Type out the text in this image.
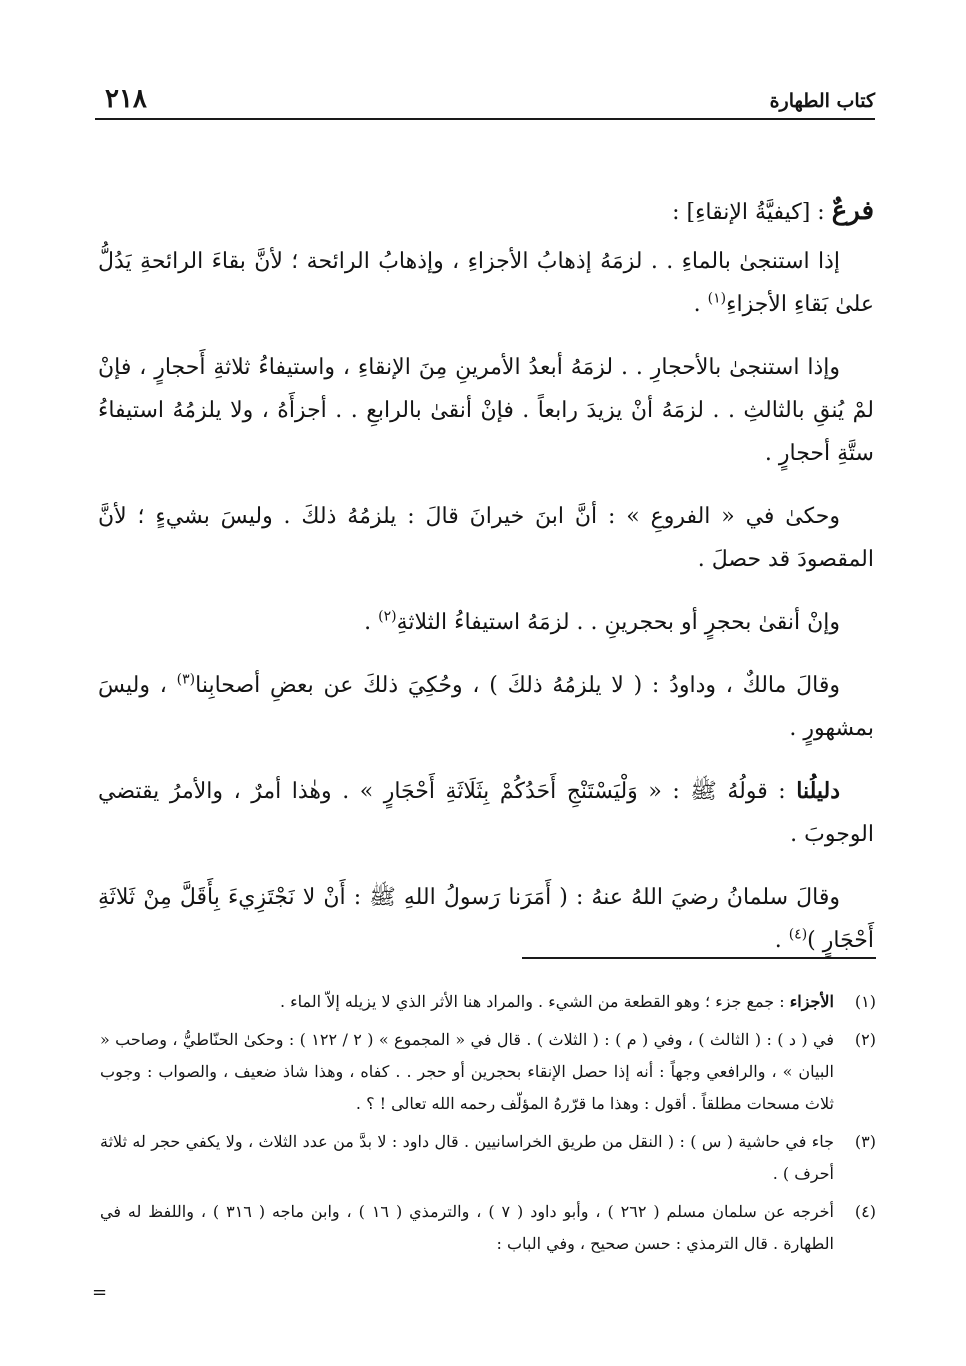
كتاب الطهارة
٢١٨

فرعٌ : [كيفيَّةُ الإنقاءِ] :

إذا استنجىٰ بالماءِ . . لزمَهُ إذهابُ الأجزاءِ ، وإذهابُ الرائحة ؛ لأنَّ بقاءَ الرائحةِ يَدُلُّ علىٰ بَقاءِ الأجزاءِ$^{(١)}$ .

وإذا استنجىٰ بالأحجارِ . . لزمَهُ أبعدُ الأمرينِ مِنَ الإنقاءِ ، واستيفاءُ ثلاثةِ أَحجارٍ ، فإنْ لمْ يُنقِ بالثالثِ . . لزمَهُ أنْ يزيدَ رابعاً . فإنْ أنقىٰ بالرابعِ . . أجزأَهُ ، ولا يلزمُهُ استيفاءُ ستَّةِ أحجارٍ .

وحكىٰ في « الفروعِ » : أنَّ ابنَ خيرانَ قالَ : يلزمُهُ ذلكَ . وليسَ بشيءٍ ؛ لأنَّ المقصودَ قد حصلَ .

وإنْ أنقىٰ بحجرٍ أو بحجرينِ . . لزمَهُ استيفاءُ الثلاثةِ$^{(٢)}$ .

وقالَ مالكٌ ، وداودُ : ( لا يلزمُهُ ذلكَ ) ، وحُكِيَ ذلكَ عن بعضِ أصحابِنا$^{(٣)}$ ، وليسَ بمشهورٍ .

دليلُنا : قولُهُ ﷺ : « وَلْيَسْتَنْجِ أَحَدُكُمْ بِثَلَاثَةِ أَحْجَارٍ » . وهٰذا أمرٌ ، والأمرُ يقتضي الوجوبَ .

وقالَ سلمانُ رضيَ اللهُ عنهُ : ( أَمَرَنا رَسولُ اللهِ ﷺ : أَنْ لا نَجْتَزِيءَ بِأَقَلَّ مِنْ ثَلاثَةِ أَحْجَارٍ )$^{(٤)}$ .

(١)
الأجزاء : جمع جزء ؛ وهو القطعة من الشيء . والمراد هنا الأثر الذي لا يزيله إلاّ الماء .
(٢)
في ( د ) : ( الثالث ) ، وفي ( م ) : ( الثلاث ) . قال في « المجموع » ( ٢ / ١٢٢ ) : وحكىٰ الحنّاطيُّ ، وصاحب « البيان » ، والرافعي وجهاً : أنه إذا حصل الإنقاء بحجرين أو حجر . . كفاه ، وهذا شاذ ضعيف ، والصواب : وجوب ثلاث مسحات مطلقاً . أقول : وهذا ما قرّرهُ المؤلّف رحمه الله تعالى ! ؟ .
(٣)
جاء في حاشية ( س ) : ( النقل من طريق الخراسانيين . قال داود : لا بدَّ من عدد الثلاث ، ولا يكفي حجر له ثلاثة أحرف ) .
(٤)
أخرجه عن سلمان مسلم ( ٢٦٢ ) ، وأبو داود ( ٧ ) ، والترمذي ( ١٦ ) ، وابن ماجه ( ٣١٦ ) ، واللفظ له في الطهارة . قال الترمذي : حسن صحيح ، وفي الباب :
=
